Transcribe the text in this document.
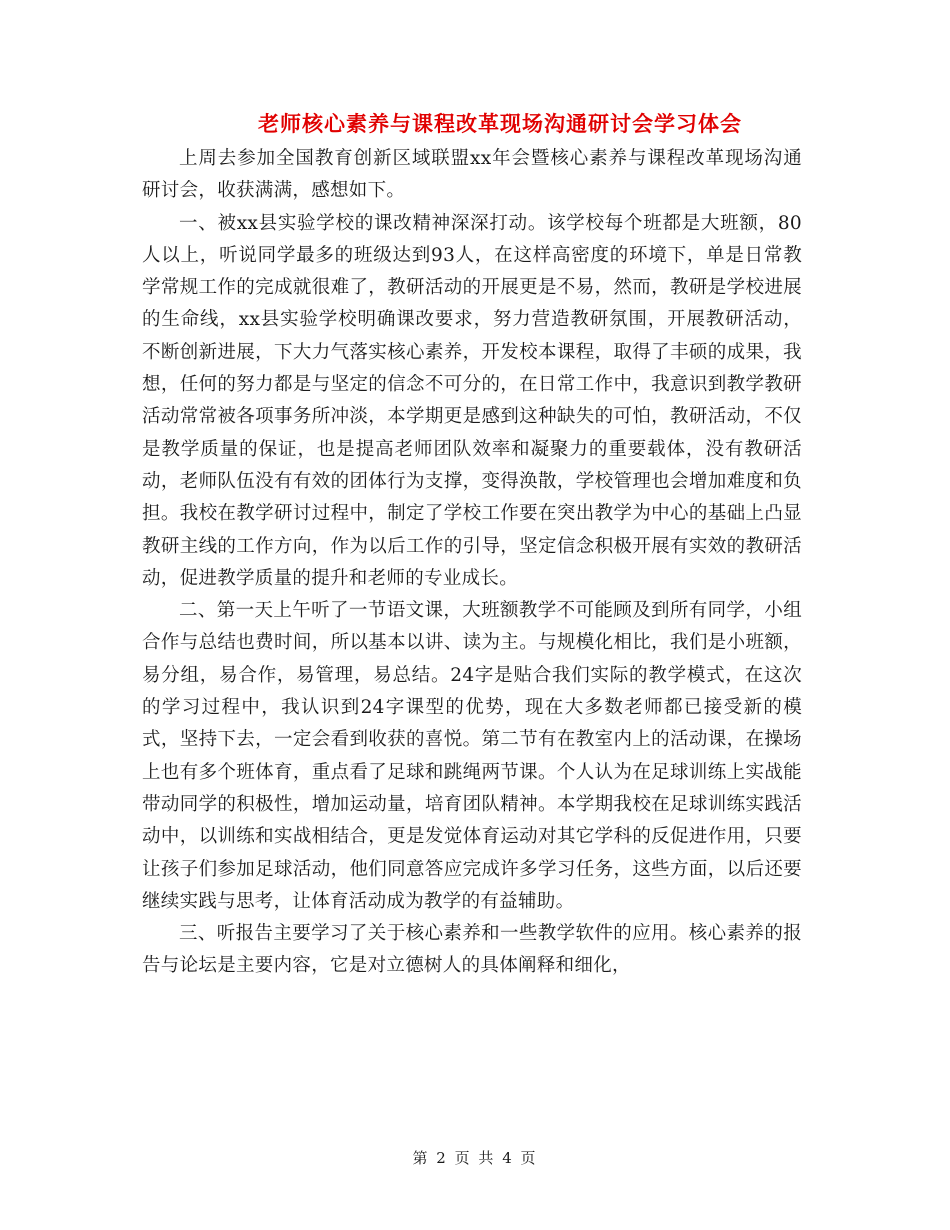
老师核心素养与课程改革现场沟通研讨会学习体会

上周去参加全国教育创新区域联盟xx年会暨核心素养与课程改革现场沟通研讨会，收获满满，感想如下。

一、被xx县实验学校的课改精神深深打动。该学校每个班都是大班额，80人以上，听说同学最多的班级达到93人，在这样高密度的环境下，单是日常教学常规工作的完成就很难了，教研活动的开展更是不易，然而，教研是学校进展的生命线，xx县实验学校明确课改要求，努力营造教研氛围，开展教研活动，不断创新进展，下大力气落实核心素养，开发校本课程，取得了丰硕的成果，我想，任何的努力都是与坚定的信念不可分的，在日常工作中，我意识到教学教研活动常常被各项事务所冲淡，本学期更是感到这种缺失的可怕，教研活动，不仅是教学质量的保证，也是提高老师团队效率和凝聚力的重要载体，没有教研活动，老师队伍没有有效的团体行为支撑，变得涣散，学校管理也会增加难度和负担。我校在教学研讨过程中，制定了学校工作要在突出教学为中心的基础上凸显教研主线的工作方向，作为以后工作的引导，坚定信念积极开展有实效的教研活动，促进教学质量的提升和老师的专业成长。

二、第一天上午听了一节语文课，大班额教学不可能顾及到所有同学，小组合作与总结也费时间，所以基本以讲、读为主。与规模化相比，我们是小班额，易分组，易合作，易管理，易总结。24字是贴合我们实际的教学模式，在这次的学习过程中，我认识到24字课型的优势，现在大多数老师都已接受新的模式，坚持下去，一定会看到收获的喜悦。第二节有在教室内上的活动课，在操场上也有多个班体育，重点看了足球和跳绳两节课。个人认为在足球训练上实战能带动同学的积极性，增加运动量，培育团队精神。本学期我校在足球训练实践活动中，以训练和实战相结合，更是发觉体育运动对其它学科的反促进作用，只要让孩子们参加足球活动，他们同意答应完成许多学习任务，这些方面，以后还要继续实践与思考，让体育活动成为教学的有益辅助。

三、听报告主要学习了关于核心素养和一些教学软件的应用。核心素养的报告与论坛是主要内容，它是对立德树人的具体阐释和细化，

第 2 页 共 4 页
